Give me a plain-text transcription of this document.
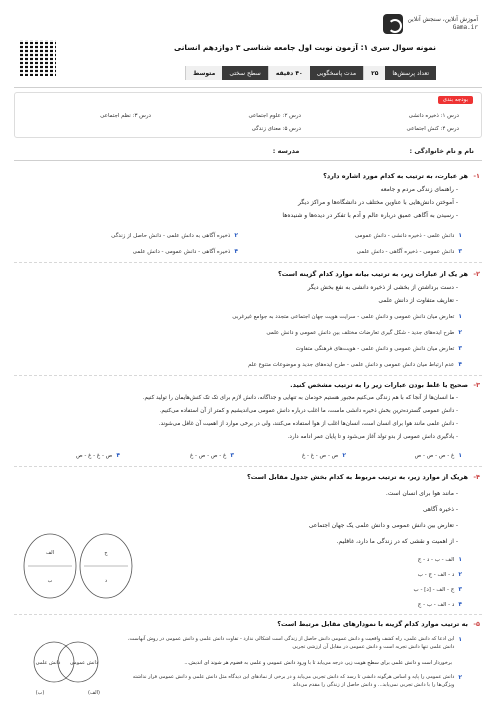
آموزش آنلاین، سنجش آنلاین
Gama.ir
نمونه سوال سری ۱: آزمون نوبت اول جامعه شناسی ۳ دوازدهم انسانی
تعداد پرسش‌ها
۲۵
مدت پاسخگویی
۴۰ دقیقه
سطح سختی
متوسط
بودجه بندی
درس ۱: ذخیره دانشی
درس ۲: علوم اجتماعی
درس ۳: نظم اجتماعی
درس ۴: کنش اجتماعی
درس ۵: معنای زندگی
نام و نام خانوادگی :
مدرسه :
۱-
هر عبارت، به ترتیب به کدام مورد اشاره دارد؟
- راهنمای زندگی مردم و جامعه
- آموختن دانش‌هایی با عناوین مختلف در دانشگاه‌ها و مراکز دیگر
- رسیدن به آگاهی عمیق درباره عالم و آدم با تفکر در دیده‌ها و شنیده‌ها
۱
دانش علمی - ذخیره دانشی - دانش عمومی
۲
ذخیره آگاهی به دانش علمی - دانش حاصل از زندگی
۳
دانش عمومی - ذخیره آگاهی - دانش علمی
۴
ذخیره آگاهی - دانش عمومی - دانش علمی
۲-
هر یک از عبارات زیر، به ترتیب بیانه موارد کدام گزینه است؟
- دست برداشتن از بخشی از ذخیره دانشی به نفع بخش دیگر
- تعاریف متفاوت از دانش علمی
۱
تعارض میان دانش عمومی و دانش علمی - سرایت هویت جهان اجتماعی متجدد به جوامع غیرغربی
۲
طرح ایده‌های جدید - شکل گیری تعارضات مختلف بین دانش عمومی و دانش علمی
۳
تعارض میان دانش عمومی و دانش علمی - هویت‌های فرهنگی متفاوت
۴
عدم ارتباط میان دانش عمومی و دانش علمی - طرح ایده‌های جدید و موضوعات متنوع علم
۳-
صحیح یا غلط بودن عبارات زیر را به ترتیب مشخص کنید.
- ما انسان‌ها از آنجا که با هم زندگی می‌کنیم مجبور هستیم خودمان به تنهایی و جداگانه، دانش لازم برای تک تک کنش‌هایمان را تولید کنیم.
- دانش عمومی گسترده‌ترین بخش ذخیره دانشی ماست، ما اغلب درباره دانش عمومی می‌اندیشیم و کمتر از آن استفاده می‌کنیم.
- دانش علمی مانند هوا برای انسان است، انسان‌ها اغلب از هوا استفاده می‌کنند، ولی در برخی موارد از اهمیت آن غافل می‌شوند.
- یادگیری دانش عمومی از بدو تولد آغاز می‌شود و تا پایان عمر ادامه دارد.
۱
غ - ص - ص - ص
۲
ص - ص - غ - غ
۳
غ - ص - ص - غ
۴
ص - غ - غ - ص
۴-
هریک از موارد زیر، به ترتیب مربوط به کدام بخش جدول مقابل است؟
- مانند هوا برای انسان است.
- ذخیره آگاهی
- تعارض بین دانش عمومی و دانش علمی یک جهان اجتماعی
- از اهمیت و نقشی که در زندگی ما دارد، غافلیم.
۱
الف - ب - د - ج
۲
د - الف - ج - ب
۳
ج - الف - [د] - ب
۴
د - الف - ب - ج
الف
ب
ج
د
۵-
به ترتیب موارد کدام گزینه با نمودارهای مقابل مرتبط است؟
۱
این ادعا که دانش علمی، راه کشف واقعیت و دانش عمومی دانش حاصل از زندگی است اشکالی ندارد - تفاوت دانش علمی و دانش عمومی در روش آنهاست، دانش علمی تنها دانش تجربه است و دانش عمومی در مقابل آن ارزشی تجربی
برخوردار است و دانش علمی برای سطح هویت زیر، درجه می‌یابد تا با ورود دانش عمومی و علمی به فضوم هر شوند ای اندیش...
۲
دانش عمومی را پایه و اساس هرگونه دانشی تا رسد که دانش تجربی می‌یابد و در برخی از نمادهای این دیدگاه مثل دانش علمی و دانش عمومی فرار نداشته ویژگی‌ها را با دانش تجربی نمی‌یابد... و دانش حاصل از زندگی را مقدم می‌داند
دانش علمی دانش عمومی
(ب)	(الف)
